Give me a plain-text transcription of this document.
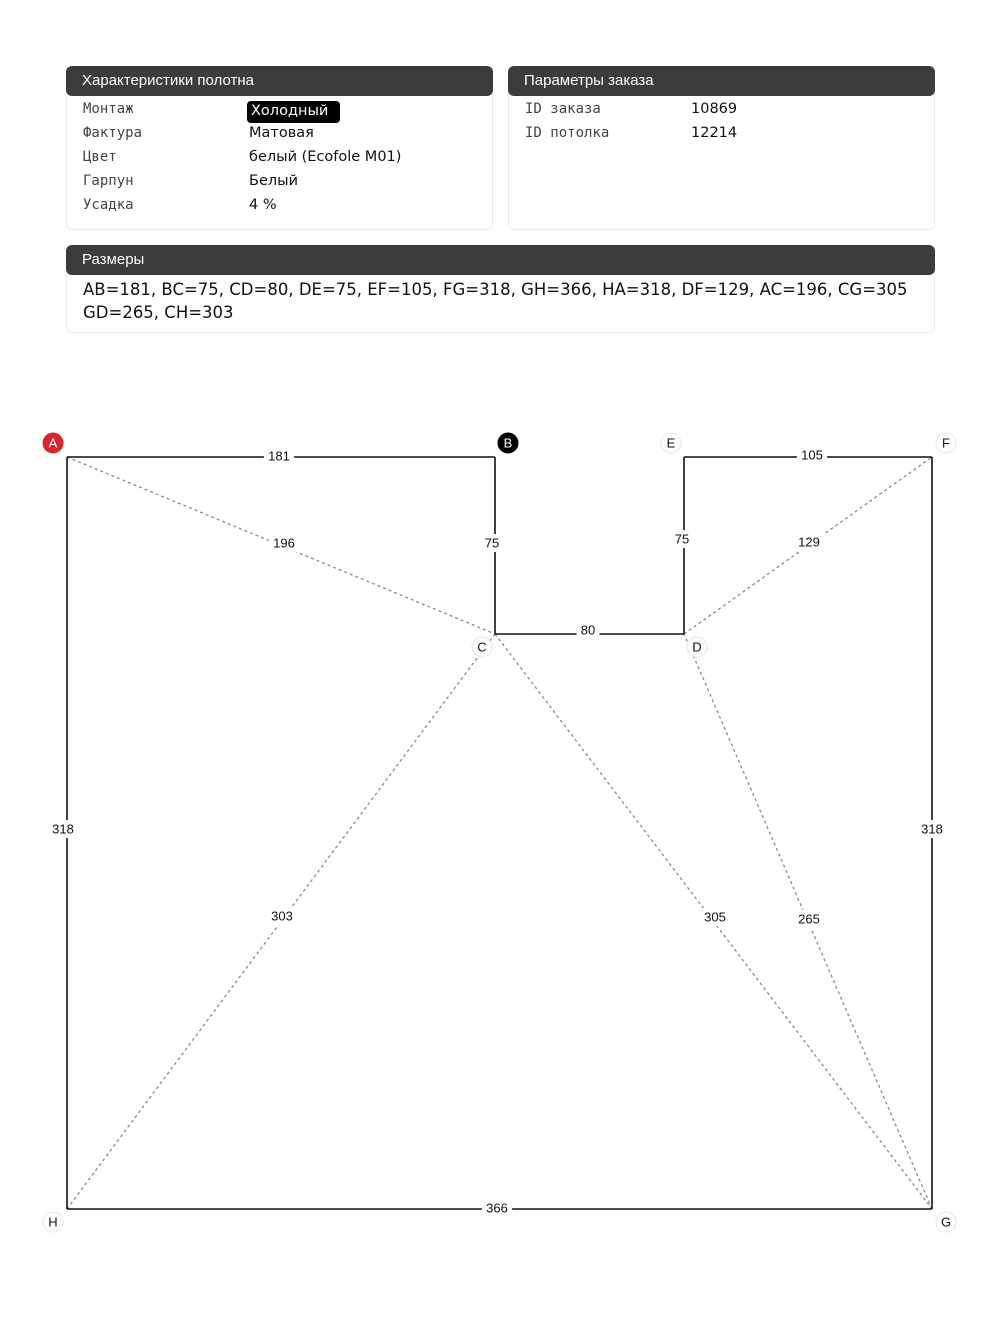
Характеристики полотна
Монтаж	Холодный
Фактура	Матовая
Цвет	белый (Ecofole M01)
Гарпун	Белый
Усадка	4 %
Параметры заказа
ID заказа	10869
ID потолка	12214
Размеры
AB=181, BC=75, CD=80, DE=75, EF=105, FG=318, GH=366, HA=318, DF=129, AC=196, CG=305
GD=265, CH=303
196	129
305	265
303
181
75
80
75
105
318
366
318
A	B
C	D
E	F
G
H
